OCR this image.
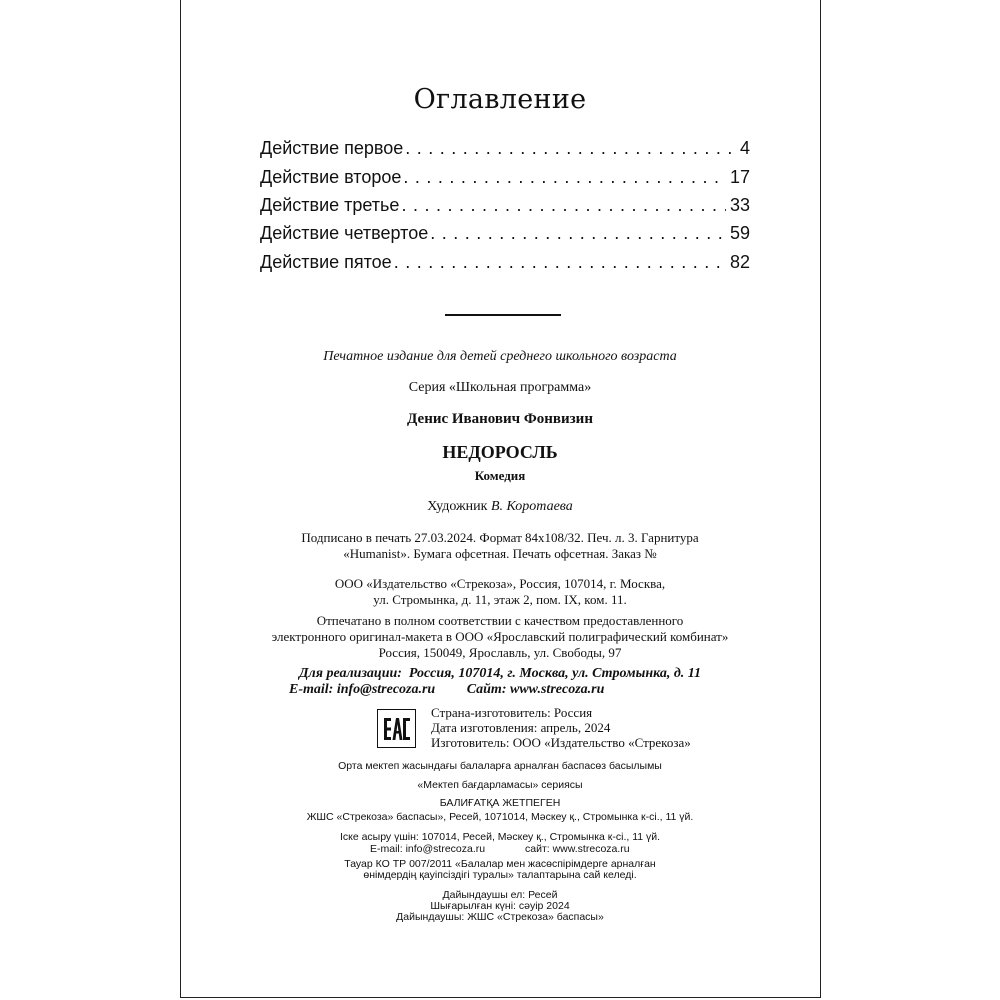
Оглавление
Действие первое . . .	4
Действие второе . . .	17
Действие третье . . .	33
Действие четвертое . . .	59
Действие пятое . . .	82
Печатное издание для детей среднего школьного возраста
Серия «Школьная программа»
Денис Иванович Фонвизин
НЕДОРОСЛЬ
Комедия
Художник В. Коротаева
Подписано в печать 27.03.2024. Формат 84x108/32. Печ. л. 3. Гарнитура
«Humanist». Бумага офсетная. Печать офсетная. Заказ №
ООО «Издательство «Стрекоза», Россия, 107014, г. Москва,
ул. Стромынка, д. 11, этаж 2, пом. IX, ком. 11.
Отпечатано в полном соответствии с качеством предоставленного
электронного оригинал-макета в ООО «Ярославский полиграфический комбинат»
Россия, 150049, Ярославль, ул. Свободы, 97
Для реализации:  Россия, 107014, г. Москва, ул. Стромынка, д. 11
E-mail: info@strecoza.ru         Сайт: www.strecoza.ru
Страна-изготовитель: Россия
Дата изготовления: апрель, 2024
Изготовитель: ООО «Издательство «Стрекоза»
Орта мектеп жасындағы балаларға арналған баспасөз басылымы
«Мектеп бағдарламасы» сериясы
БАЛИҒАТҚА ЖЕТПЕГЕН
ЖШС «Стрекоза» баспасы», Ресей, 1071014, Мәскеу қ., Стромынка к-сі., 11 үй.
Іске асыру үшін: 107014, Ресей, Мәскеу қ., Стромынка к-сі., 11 үй.
E-mail: info@strecoza.ru	сайт: www.strecoza.ru
Тауар КО ТР 007/2011 «Балалар мен жасөспірімдерге арналған
өнімдердің қауіпсіздігі туралы» талаптарына сай келеді.
Дайындаушы ел: Ресей
Шығарылған күні: сәуір 2024
Дайындаушы: ЖШС «Стрекоза» баспасы»
